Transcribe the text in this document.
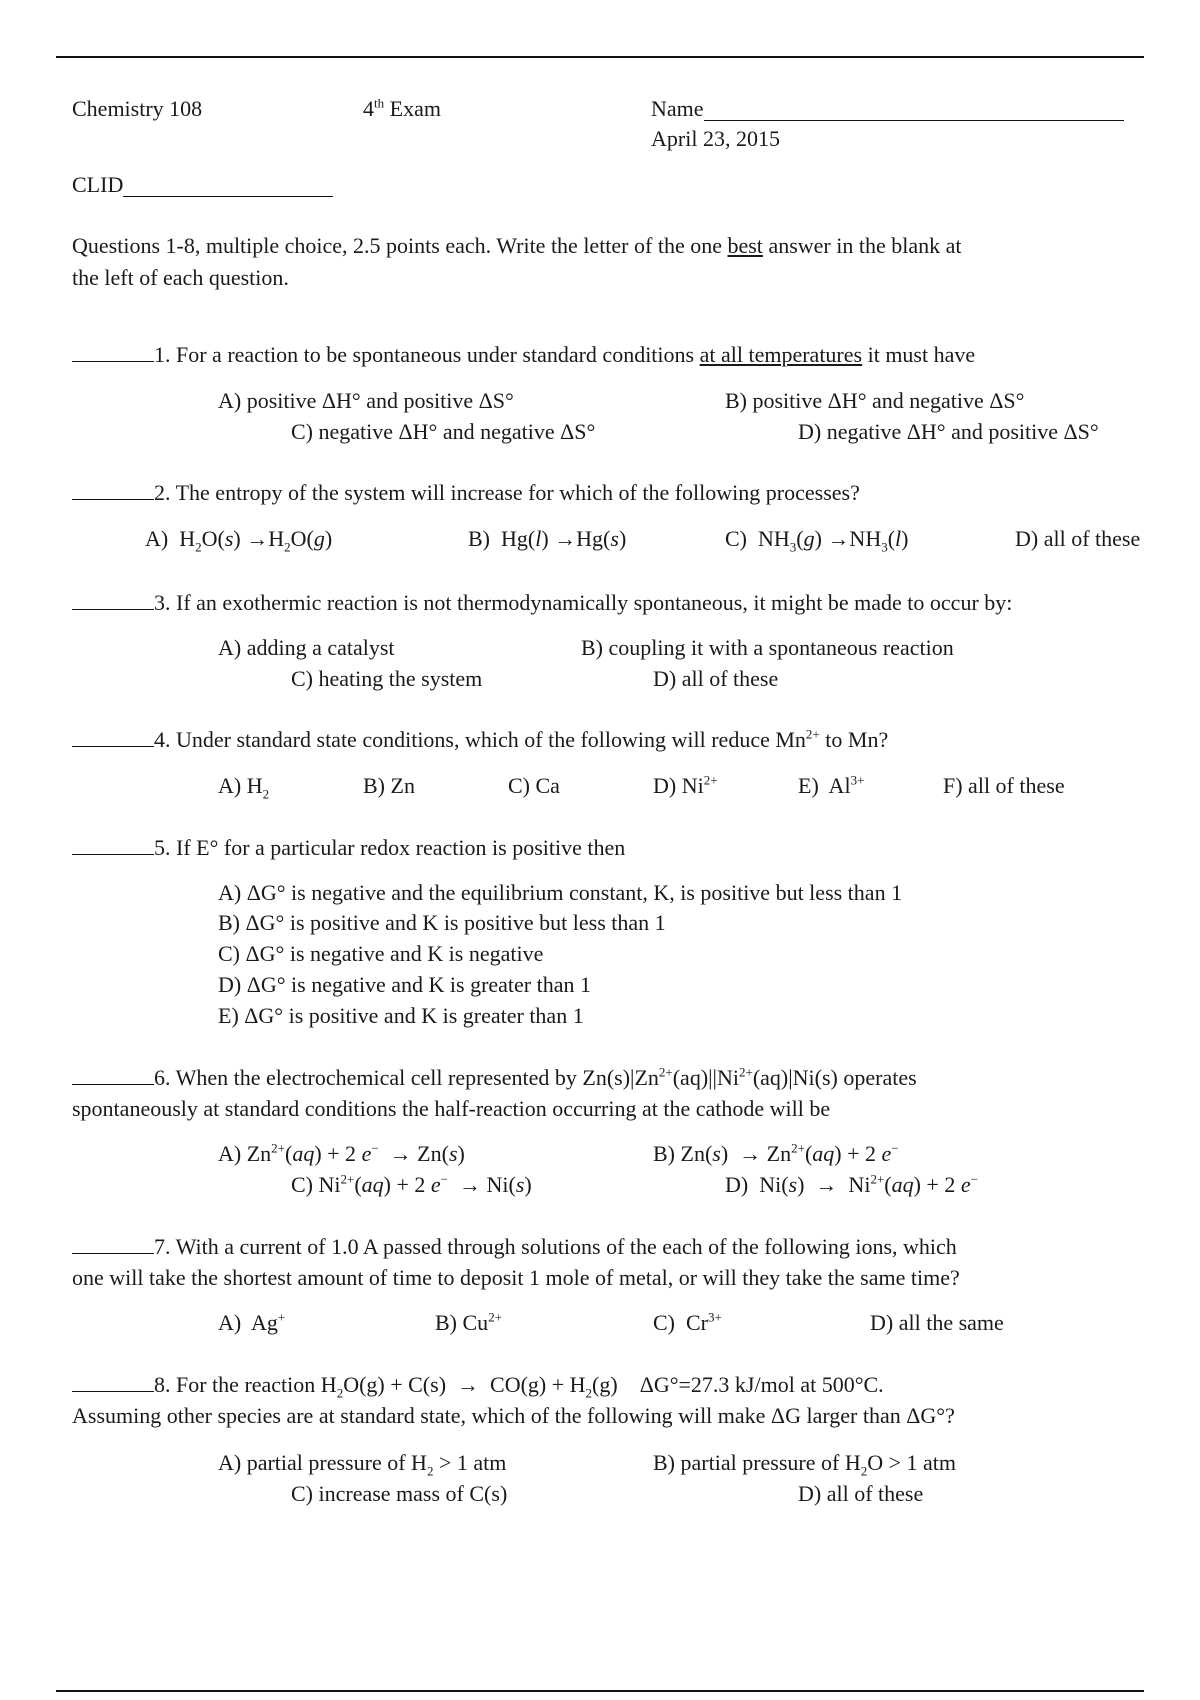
Chemistry 108	4th Exam	Name
April 23, 2015
CLID
Questions 1-8, multiple choice, 2.5 points each. Write the letter of the one best answer in the blank at
the left of each question.
1. For a reaction to be spontaneous under standard conditions at all temperatures it must have
A) positive ΔH° and positive ΔS°	B) positive ΔH° and negative ΔS°
C) negative ΔH° and negative ΔS°	D) negative ΔH° and positive ΔS°
2. The entropy of the system will increase for which of the following processes?
A)  $H_2O(s) \to H_2O(g)$	B)  Hg(l) →Hg(s)	C)  $NH_3(g) \to NH_3(l)$	D) all of these
3. If an exothermic reaction is not thermodynamically spontaneous, it might be made to occur by:
A) adding a catalyst	B) coupling it with a spontaneous reaction
C) heating the system	D) all of these
4. Under standard state conditions, which of the following will reduce $Mn^{2+}$ to Mn?
A) $H_2$	B) Zn	C) Ca	D) $Ni^{2+}$	E)  $Al^{3+}$	F) all of these
5. If E° for a particular redox reaction is positive then
A) ΔG° is negative and the equilibrium constant, K, is positive but less than 1
B) ΔG° is positive and K is positive but less than 1
C) ΔG° is negative and K is negative
D) ΔG° is negative and K is greater than 1
E) ΔG° is positive and K is greater than 1
6. When the electrochemical cell represented by $Zn(s)|Zn^{2+}(aq)||Ni^{2+}(aq)|Ni(s)$ operates
spontaneously at standard conditions the half-reaction occurring at the cathode will be
A) $Zn^{2+}(aq) + 2$ e−  → Zn(s)	B) $Zn(s) \to Zn^{2+}(aq) + 2$ e−
C) $Ni^{2+}(aq) + 2$ e−  → Ni(s)	D)  $Ni(s) \to Ni^{2+}(aq) + 2$ e−
7. With a current of 1.0 A passed through solutions of the each of the following ions, which
one will take the shortest amount of time to deposit 1 mole of metal, or will they take the same time?
A)  Ag+	B) $Cu^{2+}$	C)  $Cr^{3+}$	D) all the same
8. For the reaction $H_2O(g) + C(s) \to CO(g) + H_2(g)$    ΔG°=27.3 kJ/mol at 500°C.
Assuming other species are at standard state, which of the following will make ΔG larger than ΔG°?
A) partial pressure of $H_2 > 1$ atm	B) partial pressure of $H_2O > 1$ atm
C) increase mass of C(s)	D) all of these
